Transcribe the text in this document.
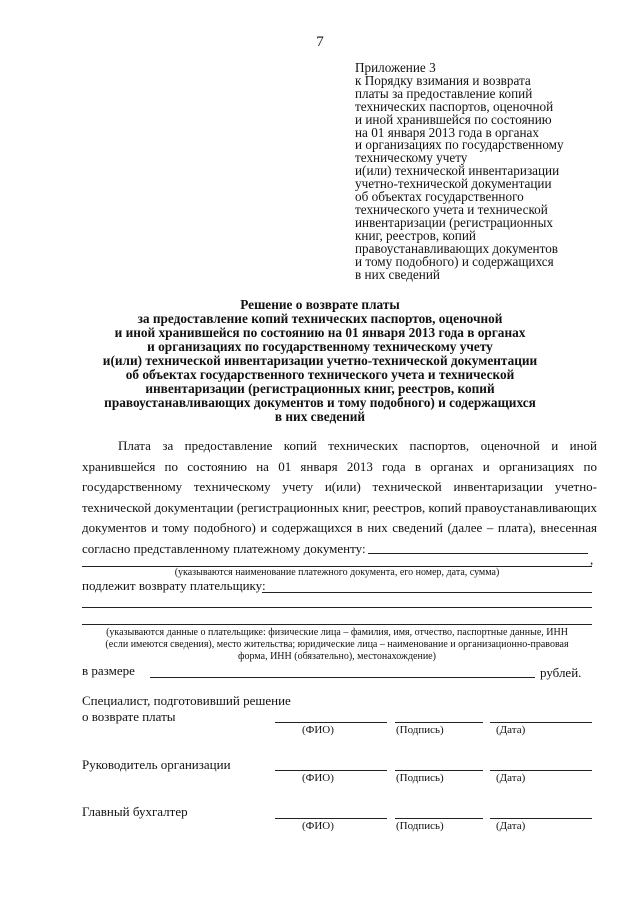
7
Приложение 3
к Порядку взимания и возврата
платы за предоставление копий
технических паспортов, оценочной
и иной хранившейся по состоянию
на 01 января 2013 года в органах
и организациях по государственному
техническому учету
и(или) технической инвентаризации
учетно-технической документации
об объектах государственного
технического учета и технической
инвентаризации (регистрационных
книг, реестров, копий
правоустанавливающих документов
и тому подобного) и содержащихся
в них сведений
Решение о возврате платы
за предоставление копий технических паспортов, оценочной
и иной хранившейся по состоянию на 01 января 2013 года в органах
и организациях по государственному техническому учету
и(или) технической инвентаризации учетно-технической документации
об объектах государственного технического учета и технической
инвентаризации (регистрационных книг, реестров, копий
правоустанавливающих документов и тому подобного) и содержащихся
в них сведений
Плата за предоставление копий технических паспортов, оценочной и иной хранившейся по состоянию на 01 января 2013 года в органах и организациях по государственному техническому учету и(или) технической инвентаризации учетно-технической документации (регистрационных книг, реестров, копий правоустанавливающих документов и тому подобного) и содержащихся в них сведений (далее – плата), внесенная согласно представленному платежному документу:
,
(указываются наименование платежного документа, его номер, дата, сумма)
подлежит возврату плательщику:
(указываются данные о плательщике: физические лица – фамилия, имя, отчество, паспортные данные, ИНН
(если имеются сведения), место жительства; юридические лица – наименование и организационно-правовая
форма, ИНН (обязательно), местонахождение)
в размере	рублей.
Специалист, подготовивший решение
о возврате платы
(ФИО)	(Подпись)	(Дата)
Руководитель организации
(ФИО)	(Подпись)	(Дата)
Главный бухгалтер
(ФИО)	(Подпись)	(Дата)
